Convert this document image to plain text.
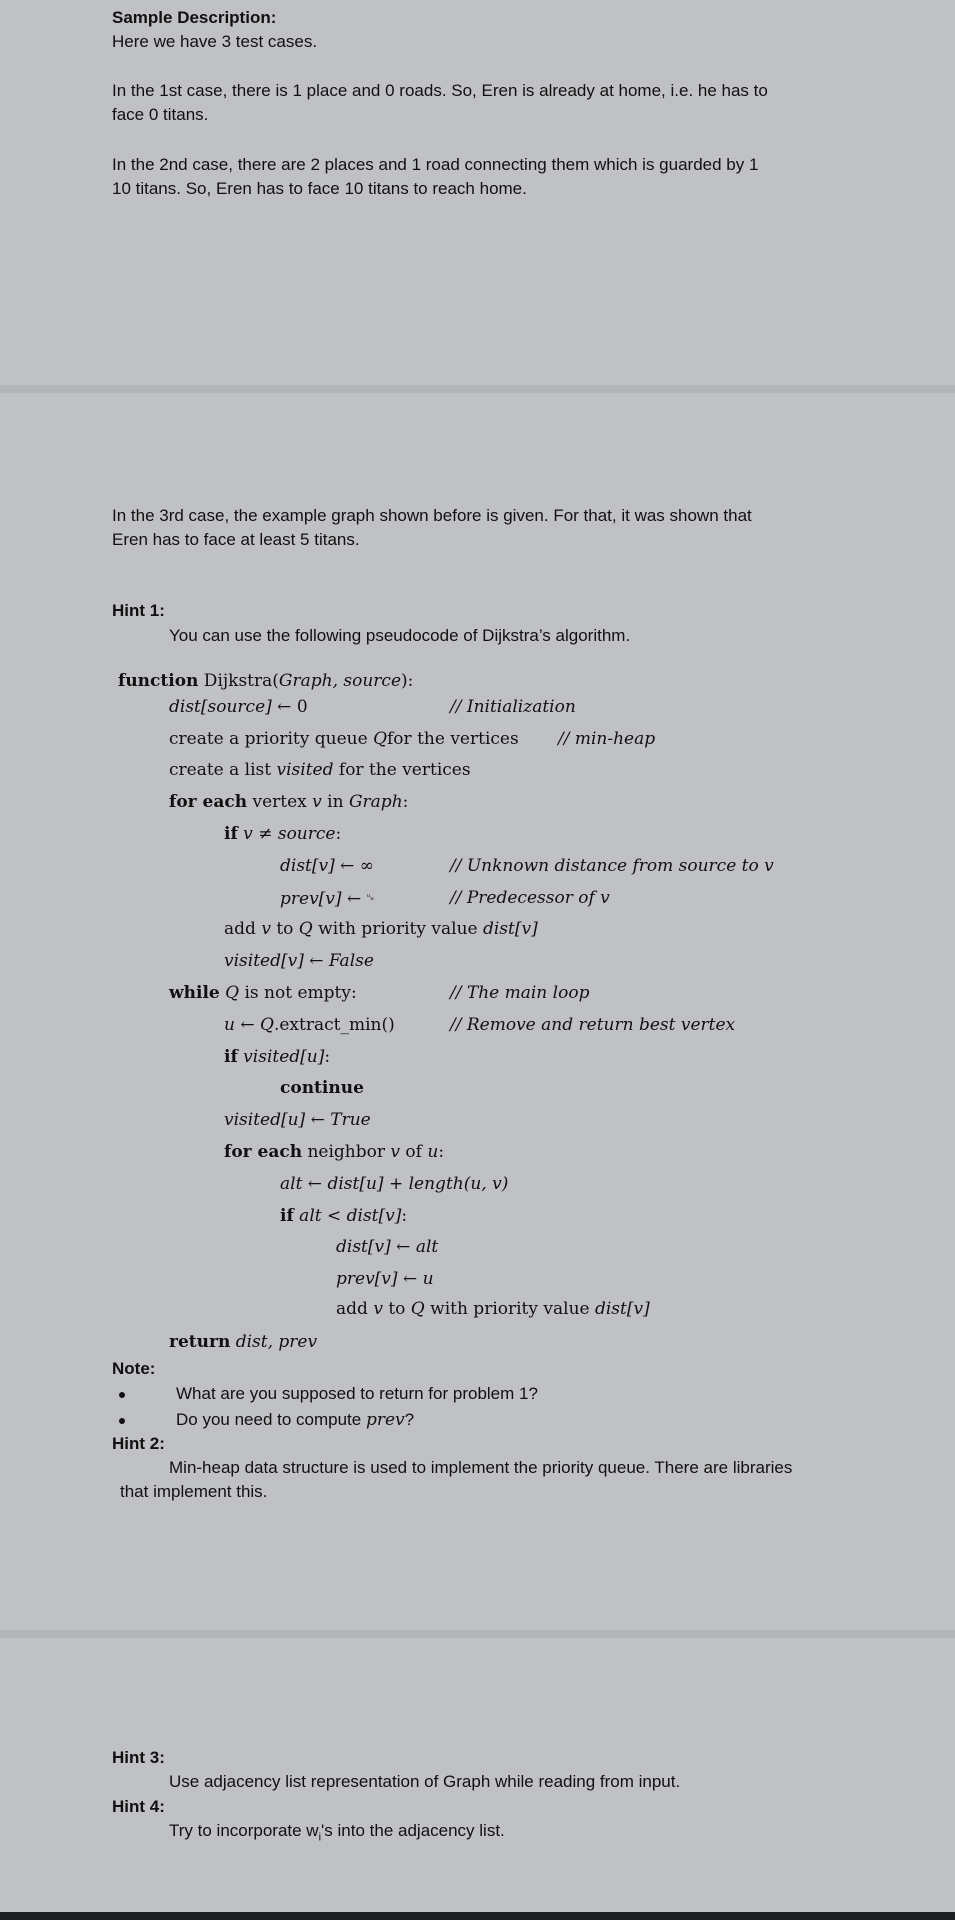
Sample Description:

Here we have 3 test cases.

In the 1st case, there is 1 place and 0 roads. So, Eren is already at home, i.e. he has to

face 0 titans.

In the 2nd case, there are 2 places and 1 road connecting them which is guarded by 1

10 titans. So, Eren has to face 10 titans to reach home.

In the 3rd case, the example graph shown before is given. For that, it was shown that

Eren has to face at least 5 titans.

Hint 1:

You can use the following pseudocode of Dijkstra’s algorithm.

function Dijkstra(Graph, source):

dist[source] ← 0	// Initialization

create a priority queue Qfor the vertices // min-heap

create a list visited for the vertices

for each vertex v in Graph:

if v ≠ source:

dist[v] ← ∞	// Unknown distance from source to v

prev[v] ← $^{ᵘ_n}$	// Predecessor of v

add v to Q with priority value dist[v]

visited[v] ← False

while Q is not empty:	// The main loop

u ← Q.extract_min()	// Remove and return best vertex

if visited[u]:

continue

visited[u] ← True

for each neighbor v of u:

alt ← dist[u] + length(u, v)

if alt < dist[v]:

dist[v] ← alt

prev[v] ← u

add v to Q with priority value dist[v]

return dist, prev

Note:

What are you supposed to return for problem 1?

Do you need to compute prev?

Hint 2:

Min-heap data structure is used to implement the priority queue. There are libraries

that implement this.

Hint 3:

Use adjacency list representation of Graph while reading from input.

Hint 4:

Try to incorporate $w_i's$ into the adjacency list.
